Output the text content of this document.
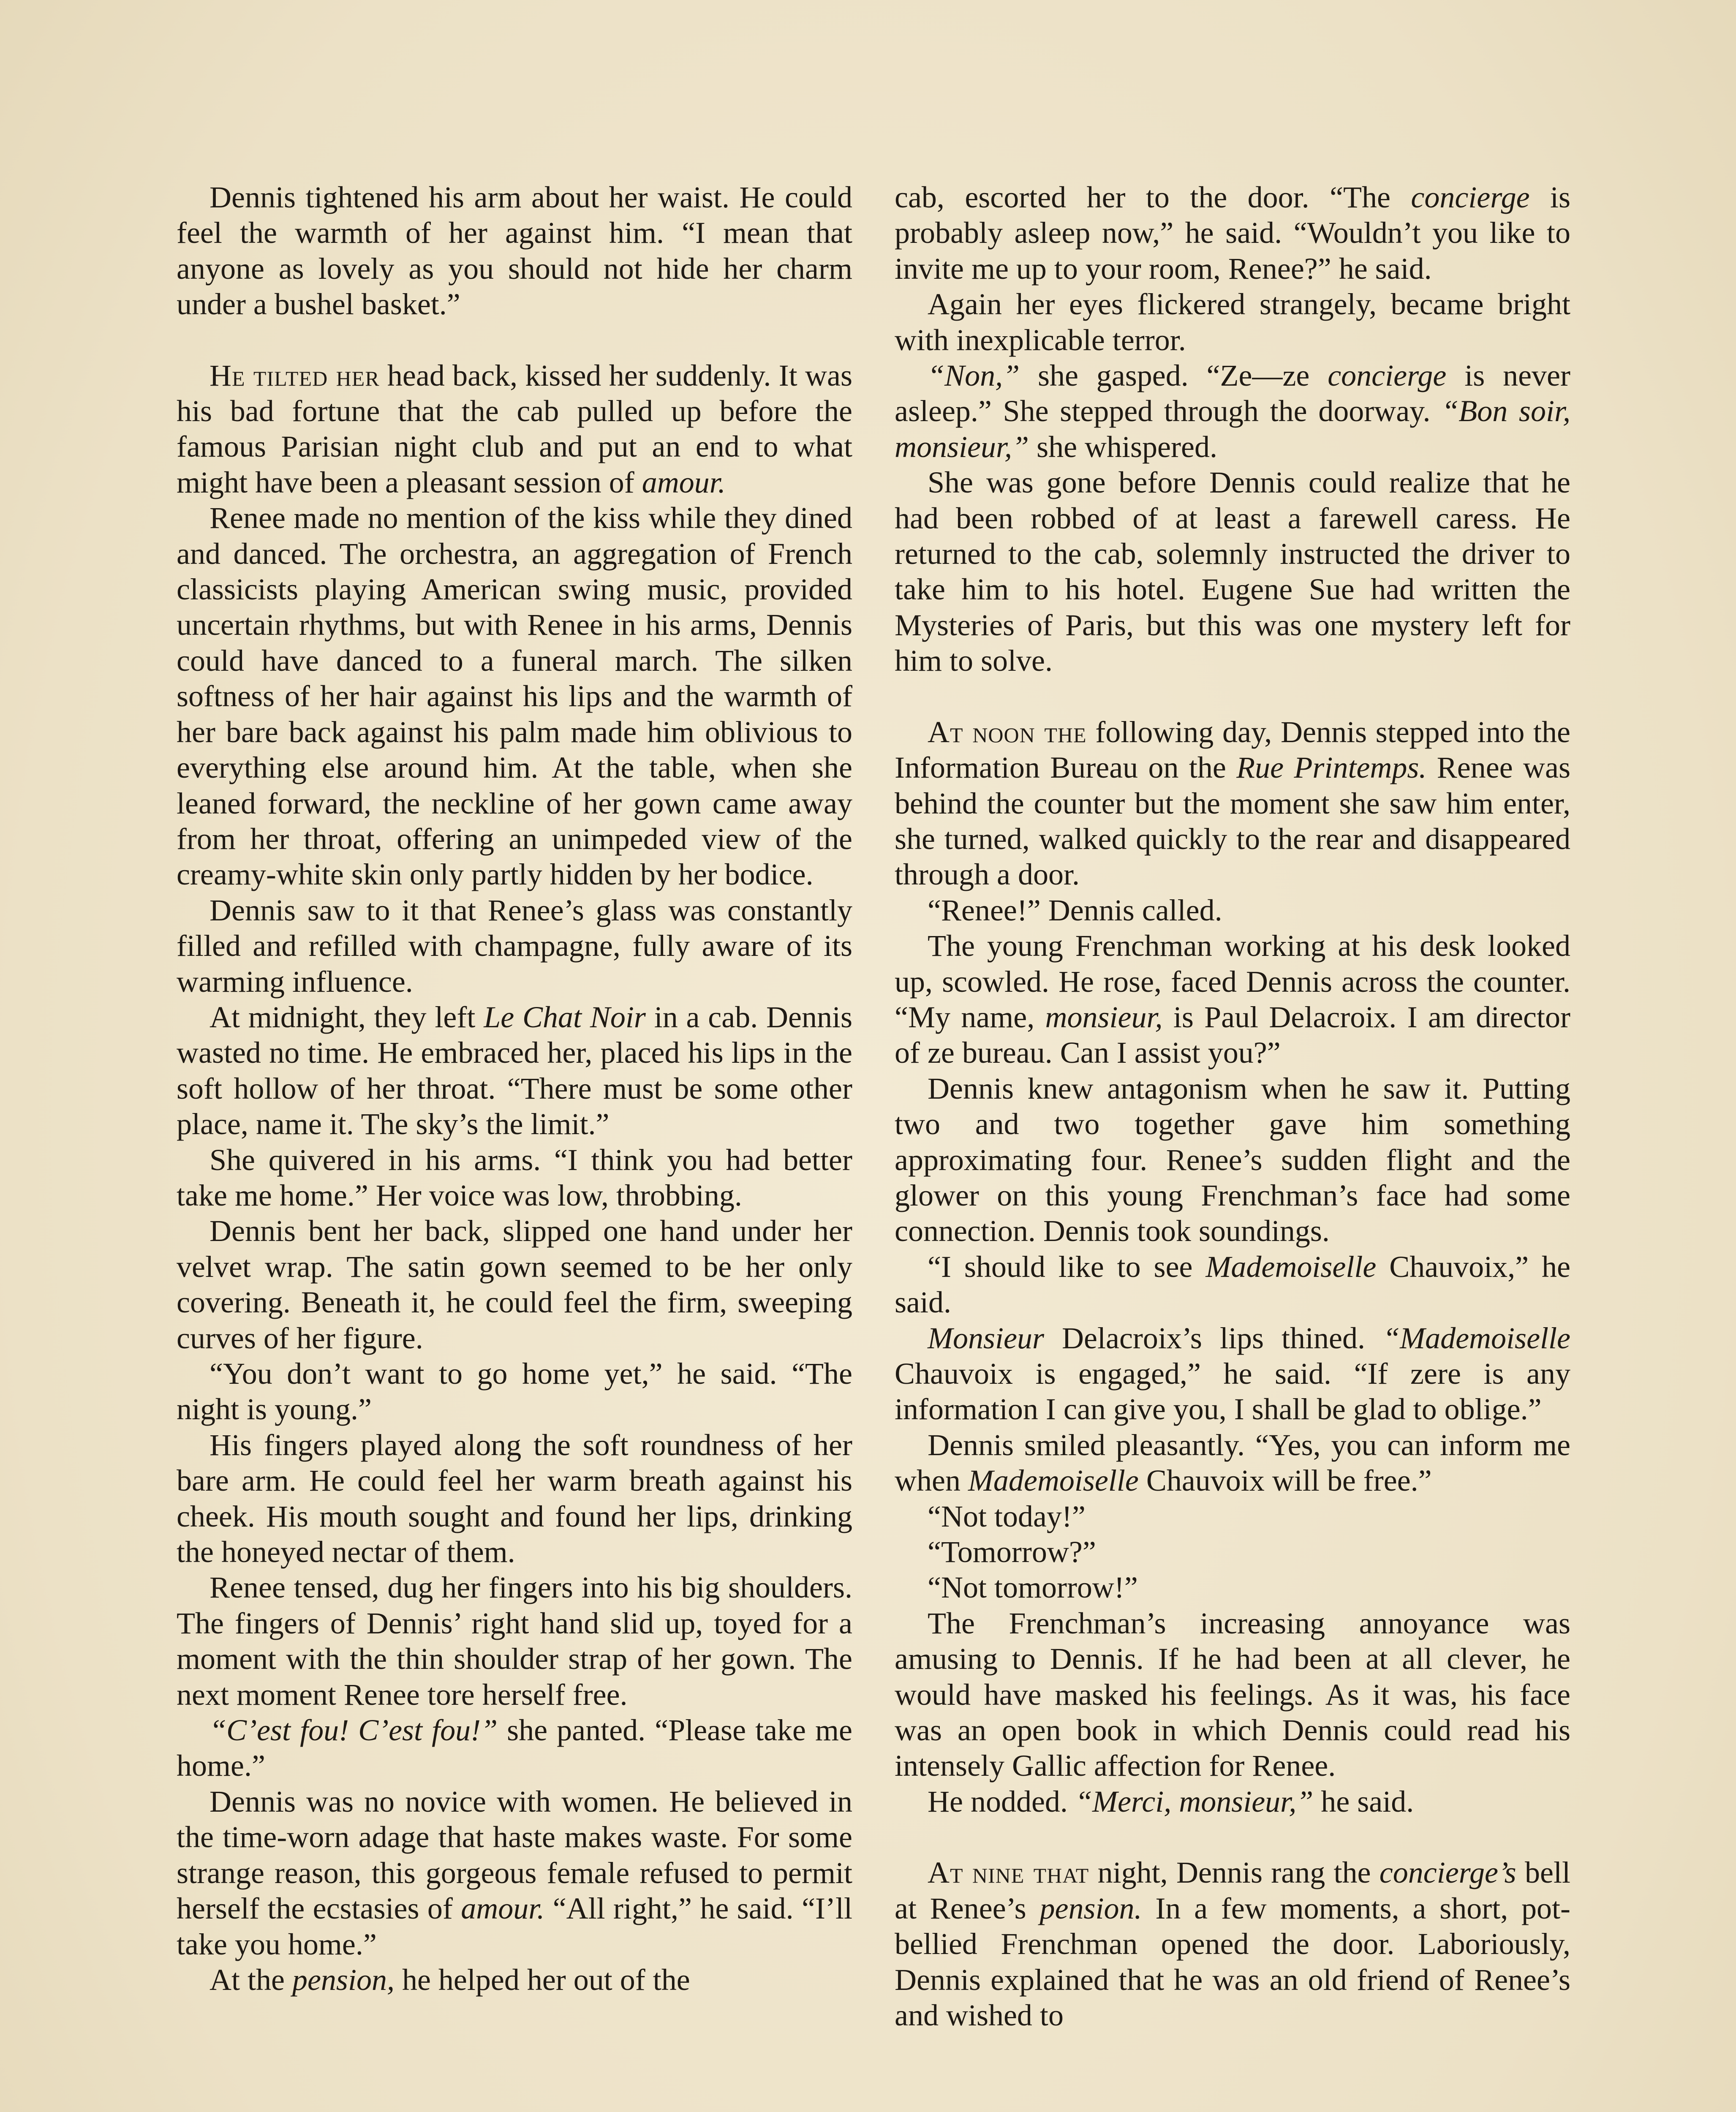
Dennis tightened his arm about her waist. He could feel the warmth of her against him. “I mean that anyone as lovely as you should not hide her charm under a bushel basket.”

He tilted her head back, kissed her suddenly. It was his bad fortune that the cab pulled up before the famous Parisian night club and put an end to what might have been a pleasant session of amour.

Renee made no mention of the kiss while they dined and danced. The orchestra, an aggregation of French classicists playing American swing music, provided uncertain rhythms, but with Renee in his arms, Dennis could have danced to a funeral march. The silken softness of her hair against his lips and the warmth of her bare back against his palm made him oblivious to everything else around him. At the table, when she leaned forward, the neckline of her gown came away from her throat, offering an unimpeded view of the creamy-white skin only partly hidden by her bodice.

Dennis saw to it that Renee’s glass was constantly filled and refilled with champagne, fully aware of its warming influence.

At midnight, they left Le Chat Noir in a cab. Dennis wasted no time. He embraced her, placed his lips in the soft hollow of her throat. “There must be some other place, name it. The sky’s the limit.”

She quivered in his arms. “I think you had better take me home.” Her voice was low, throbbing.

Dennis bent her back, slipped one hand under her velvet wrap. The satin gown seemed to be her only covering. Beneath it, he could feel the firm, sweeping curves of her figure.

“You don’t want to go home yet,” he said. “The night is young.”

His fingers played along the soft roundness of her bare arm. He could feel her warm breath against his cheek. His mouth sought and found her lips, drinking the honeyed nectar of them.

Renee tensed, dug her fingers into his big shoulders. The fingers of Dennis’ right hand slid up, toyed for a moment with the thin shoulder strap of her gown. The next moment Renee tore herself free.

“C’est fou! C’est fou!” she panted. “Please take me home.”

Dennis was no novice with women. He believed in the time-worn adage that haste makes waste. For some strange reason, this gorgeous female refused to permit herself the ecstasies of amour. “All right,” he said. “I’ll take you home.”

At the pension, he helped her out of the

cab, escorted her to the door. “The concierge is probably asleep now,” he said. “Wouldn’t you like to invite me up to your room, Renee?” he said.

Again her eyes flickered strangely, became bright with inexplicable terror.

“Non,” she gasped. “Ze—ze concierge is never asleep.” She stepped through the doorway. “Bon soir, monsieur,” she whispered.

She was gone before Dennis could realize that he had been robbed of at least a farewell caress. He returned to the cab, solemnly instructed the driver to take him to his hotel. Eugene Sue had written the Mysteries of Paris, but this was one mystery left for him to solve.

At noon the following day, Dennis stepped into the Information Bureau on the Rue Printemps. Renee was behind the counter but the moment she saw him enter, she turned, walked quickly to the rear and disappeared through a door.

“Renee!” Dennis called.

The young Frenchman working at his desk looked up, scowled. He rose, faced Dennis across the counter. “My name, monsieur, is Paul Delacroix. I am director of ze bureau. Can I assist you?”

Dennis knew antagonism when he saw it. Putting two and two together gave him something approximating four. Renee’s sudden flight and the glower on this young Frenchman’s face had some connection. Dennis took soundings.

“I should like to see Mademoiselle Chauvoix,” he said.

Monsieur Delacroix’s lips thined. “Mademoiselle Chauvoix is engaged,” he said. “If zere is any information I can give you, I shall be glad to oblige.”

Dennis smiled pleasantly. “Yes, you can inform me when Mademoiselle Chauvoix will be free.”

“Not today!”

“Tomorrow?”

“Not tomorrow!”

The Frenchman’s increasing annoyance was amusing to Dennis. If he had been at all clever, he would have masked his feelings. As it was, his face was an open book in which Dennis could read his intensely Gallic affection for Renee.

He nodded. “Merci, monsieur,” he said.

At nine that night, Dennis rang the concierge’s bell at Renee’s pension. In a few moments, a short, pot-bellied Frenchman opened the door. Laboriously, Dennis explained that he was an old friend of Renee’s and wished to
